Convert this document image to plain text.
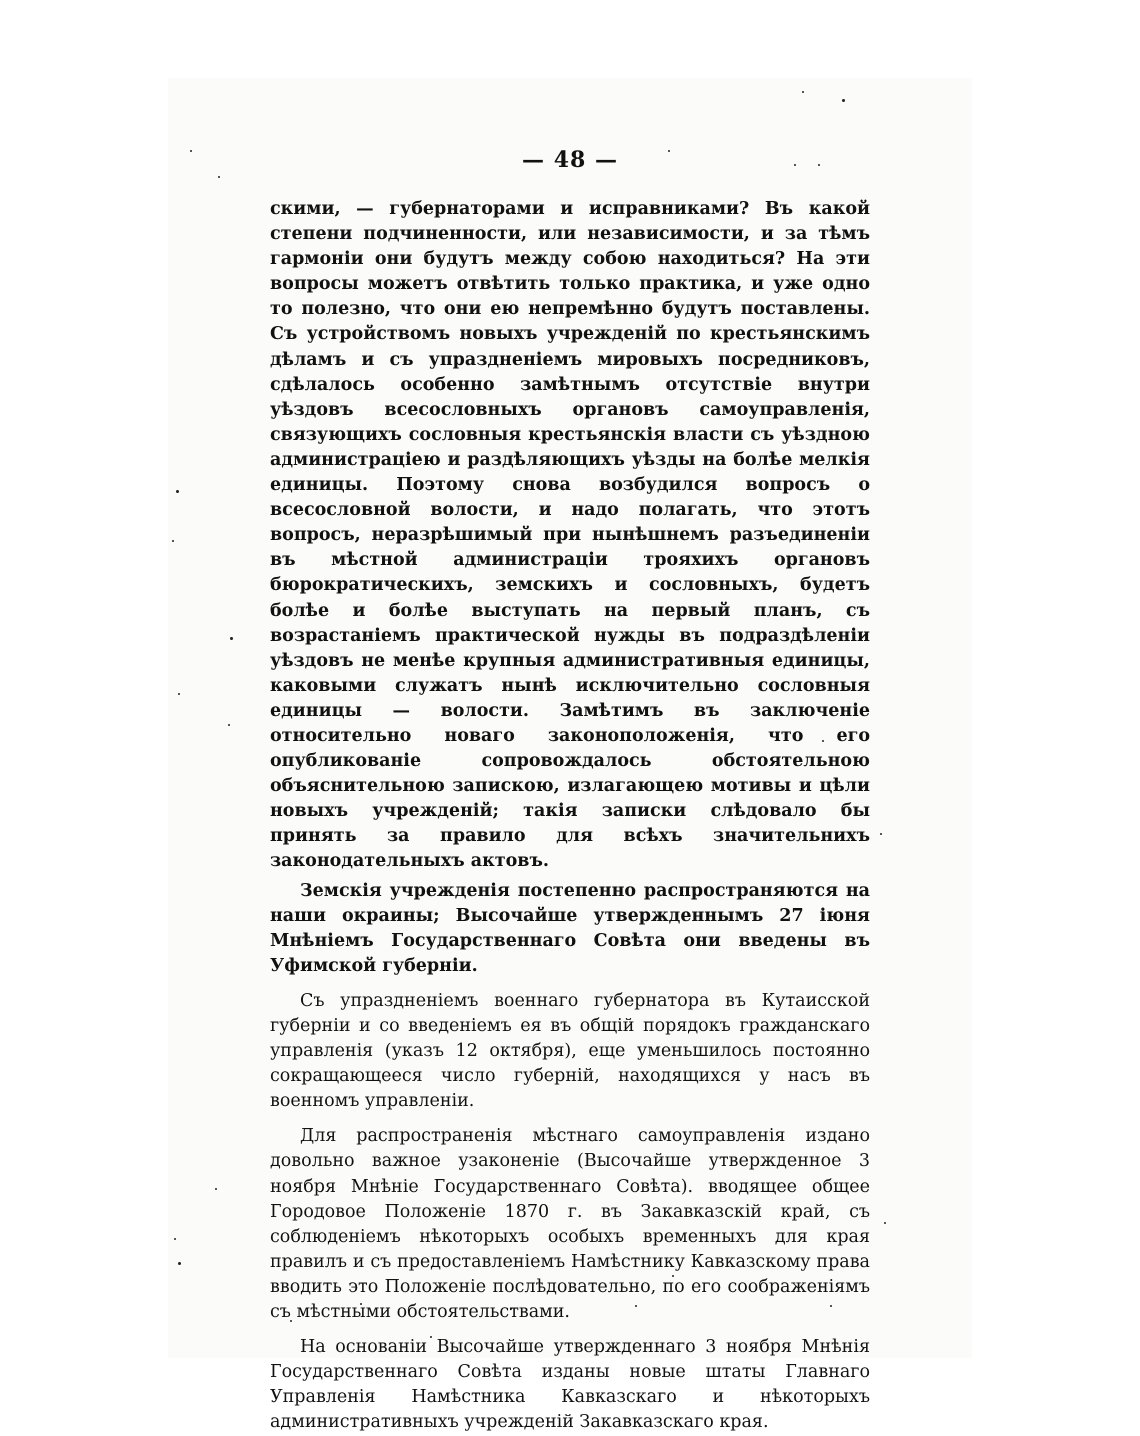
— 48 —

скими, — губернаторами и исправниками? Въ какой степени подчиненности, или независимости, и за тѣмъ гармоніи они будутъ между собою находиться? На эти вопросы можетъ отвѣтить только практика, и уже одно то полезно, что они ею непремѣнно будутъ поставлены. Съ устройствомъ новыхъ учрежденій по крестьянскимъ дѣламъ и съ упраздненіемъ мировыхъ посредниковъ, сдѣлалось особенно замѣтнымъ отсутствіе внутри уѣздовъ всесословныхъ органовъ самоуправленія, связующихъ сословныя крестьянскія власти съ уѣздною администраціею и раздѣляющихъ уѣзды на болѣе мелкія единицы. Поэтому снова возбудился вопросъ о всесословной волости, и надо полагать, что этотъ вопросъ, неразрѣшимый при нынѣшнемъ разъединеніи въ мѣстной администраціи трояхихъ органовъ бюрократическихъ, земскихъ и сословныхъ, будетъ болѣе и болѣе выступать на первый планъ, съ возрастаніемъ практической нужды въ подраздѣленіи уѣздовъ не менѣе крупныя административныя единицы, каковыми служатъ нынѣ исключительно сословныя единицы — волости. Замѣтимъ въ заключеніе относительно новаго законоположенія, что его опубликованіе сопровождалось обстоятельною объяснительною запискою, излагающею мотивы и цѣли новыхъ учрежденій; такія записки слѣдовало бы принять за правило для всѣхъ значительнихъ законодательныхъ актовъ.

Земскія учрежденія постепенно распространяются на наши окраины; Высочайше утвержденнымъ 27 іюня Мнѣніемъ Государственнаго Совѣта они введены въ Уфимской губерніи.

Съ упраздненіемъ военнаго губернатора въ Кутаисской губерніи и со введеніемъ ея въ общій порядокъ гражданскаго управленія (указъ 12 октября), еще уменьшилось постоянно сокращающееся число губерній, находящихся у насъ въ военномъ управленіи.

Для распространенія мѣстнаго самоуправленія издано довольно важное узаконеніе (Высочайше утвержденное 3 ноября Мнѣніе Государственнаго Совѣта). вводящее общее Городовое Положеніе 1870 г. въ Закавказскій край, съ соблюденіемъ нѣкоторыхъ особыхъ временныхъ для края правилъ и съ предоставленіемъ Намѣстнику Кавказскому права вводить это Положеніе послѣдовательно, по его соображеніямъ съ мѣстными обстоятельствами.

На основаніи Высочайше утвержденнаго 3 ноября Мнѣнія Государственнаго Совѣта изданы новые штаты Главнаго Управленія Намѣстника Кавказскаго и нѣкоторыхъ административныхъ учрежденій Закавказскаго края.
